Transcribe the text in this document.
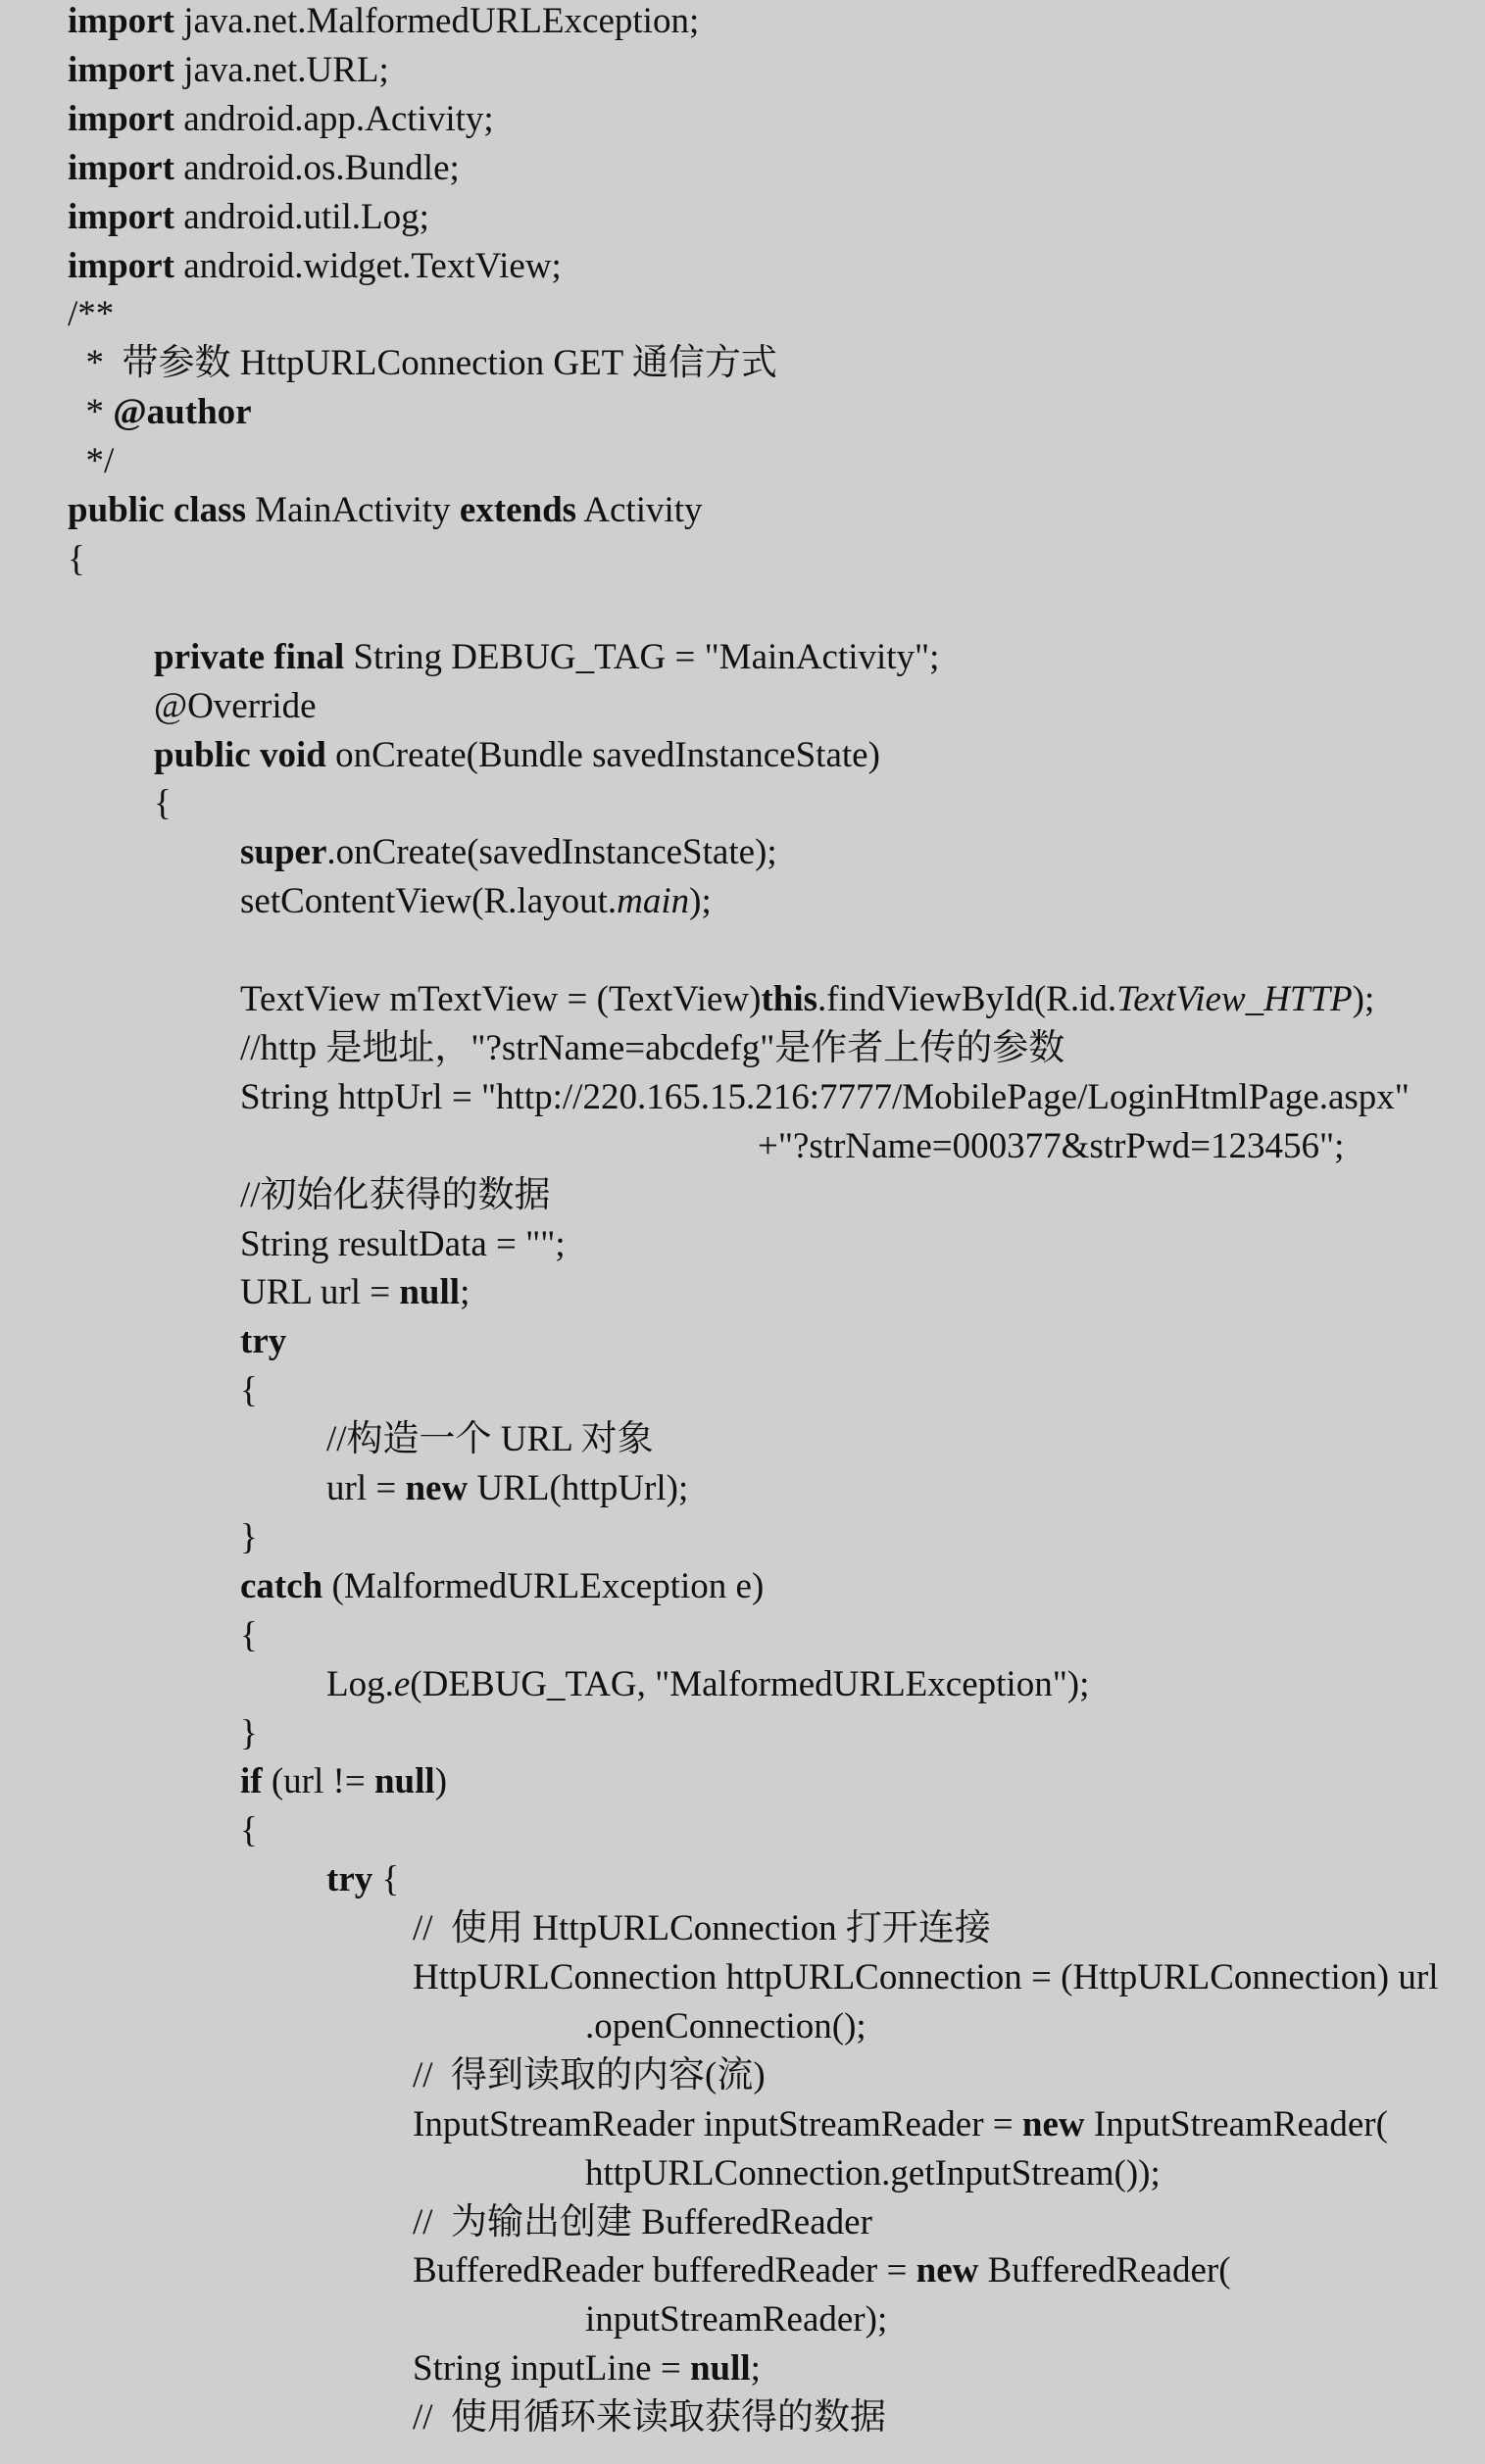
import java.net.MalformedURLException;
import java.net.URL;
import android.app.Activity;
import android.os.Bundle;
import android.util.Log;
import android.widget.TextView;
/**
*  带参数 HttpURLConnection GET 通信方式
* @author
*/
public class MainActivity extends Activity
{
private final String DEBUG_TAG = "MainActivity";
@Override
public void onCreate(Bundle savedInstanceState)
{
super.onCreate(savedInstanceState);
setContentView(R.layout.main);
TextView mTextView = (TextView)this.findViewById(R.id.TextView_HTTP);
//http 是地址，"?strName=abcdefg"是作者上传的参数
String httpUrl = "http://220.165.15.216:7777/MobilePage/LoginHtmlPage.aspx"
+"?strName=000377&strPwd=123456";
//初始化获得的数据
String resultData = "";
URL url = null;
try
{
//构造一个 URL 对象
url = new URL(httpUrl);
}
catch (MalformedURLException e)
{
Log.e(DEBUG_TAG, "MalformedURLException");
}
if (url != null)
{
try {
//  使用 HttpURLConnection 打开连接
HttpURLConnection httpURLConnection = (HttpURLConnection) url
.openConnection();
//  得到读取的内容(流)
InputStreamReader inputStreamReader = new InputStreamReader(
httpURLConnection.getInputStream());
//  为输出创建 BufferedReader
BufferedReader bufferedReader = new BufferedReader(
inputStreamReader);
String inputLine = null;
//  使用循环来读取获得的数据
